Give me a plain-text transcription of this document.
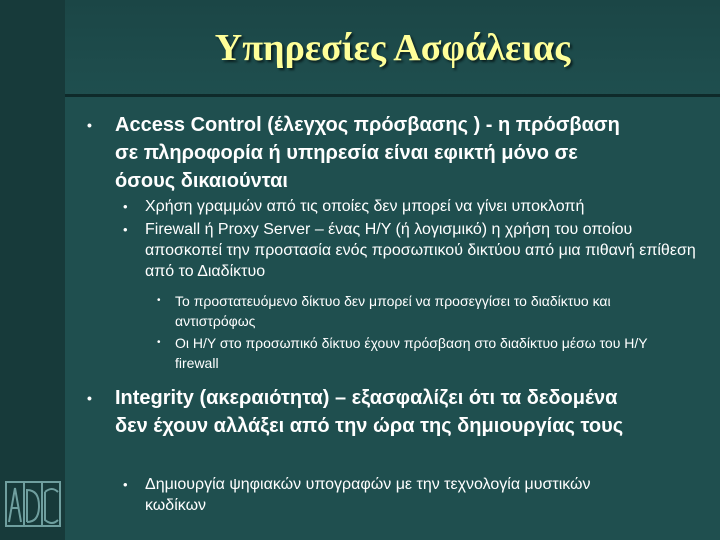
Υπηρεσίες Ασφάλειας
• Access Control (έλεγχος πρόσβασης ) - η πρόσβαση σε πληροφορία ή υπηρεσία είναι εφικτή μόνο σε όσους δικαιούνται
• Χρήση γραμμών από τις οποίες δεν μπορεί να γίνει υποκλοπή
• Firewall ή Proxy Server – ένας Η/Υ (ή λογισμικό) η χρήση του οποίου αποσκοπεί την προστασία ενός προσωπικού δικτύου από μια πιθανή επίθεση από το Διαδίκτυο
• Το προστατευόμενο δίκτυο δεν μπορεί να προσεγγίσει το διαδίκτυο και αντιστρόφως
• Οι Η/Υ στο προσωπικό δίκτυο έχουν πρόσβαση στο διαδίκτυο μέσω του Η/Υ firewall
• Integrity (ακεραιότητα) – εξασφαλίζει ότι τα δεδομένα δεν έχουν αλλάξει από την ώρα της δημιουργίας τους
• Δημιουργία ψηφιακών υπογραφών με την τεχνολογία μυστικών κωδίκων
